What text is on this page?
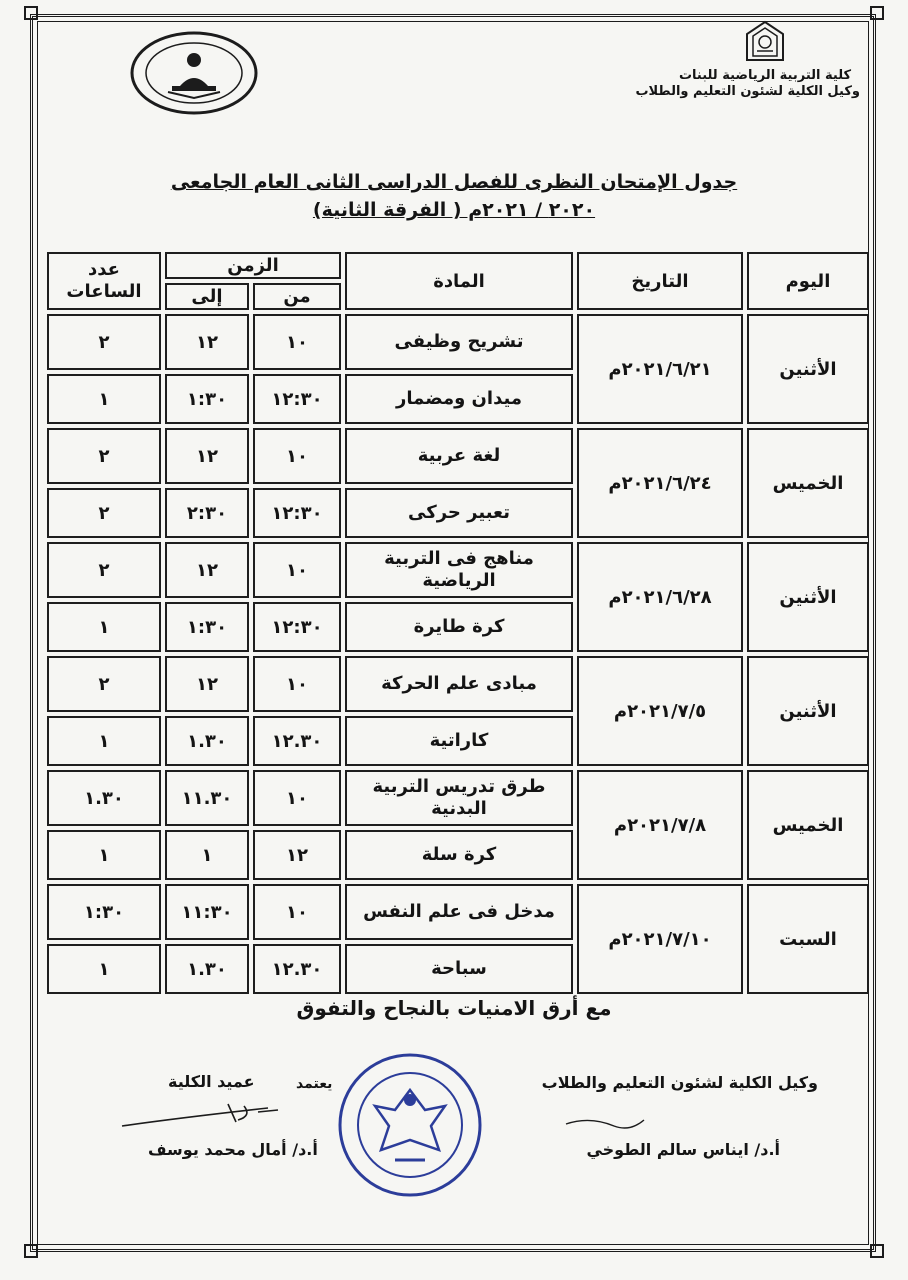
كلية التربية الرياضية للبنات
وكيل الكلية لشئون التعليم والطلاب
جدول الإمتحان النظرى للفصل الدراسى الثانى العام الجامعى
٢٠٢٠ / ٢٠٢١م ( الفرقة الثانية)
اليوم	التاريخ	المادة	الزمن		عدد الساعات
			من	إلى	
الأثنين	٢٠٢١/٦/٢١م	تشريح وظيفى	١٠	١٢	٢
		ميدان ومضمار	١٢:٣٠	١:٣٠	١
الخميس	٢٠٢١/٦/٢٤م	لغة عربية	١٠	١٢	٢
		تعبير حركى	١٢:٣٠	٢:٣٠	٢
الأثنين	٢٠٢١/٦/٢٨م	مناهج فى التربية الرياضية	١٠	١٢	٢
		كرة طايرة	١٢:٣٠	١:٣٠	١
الأثنين	٢٠٢١/٧/٥م	مبادى علم الحركة	١٠	١٢	٢
		كاراتية	١٢.٣٠	١.٣٠	١
الخميس	٢٠٢١/٧/٨م	طرق تدريس التربية البدنية	١٠	١١.٣٠	١.٣٠
		كرة سلة	١٢	١	١
السبت	٢٠٢١/٧/١٠م	مدخل فى علم النفس	١٠	١١:٣٠	١:٣٠
		سباحة	١٢.٣٠	١.٣٠	١
مع أرق الامنيات بالنجاح والتفوق
وكيل الكلية لشئون التعليم والطلاب
أ.د/ ايناس سالم الطوخي
يعتمد
عميد الكلية
أ.د/ أمال محمد يوسف
